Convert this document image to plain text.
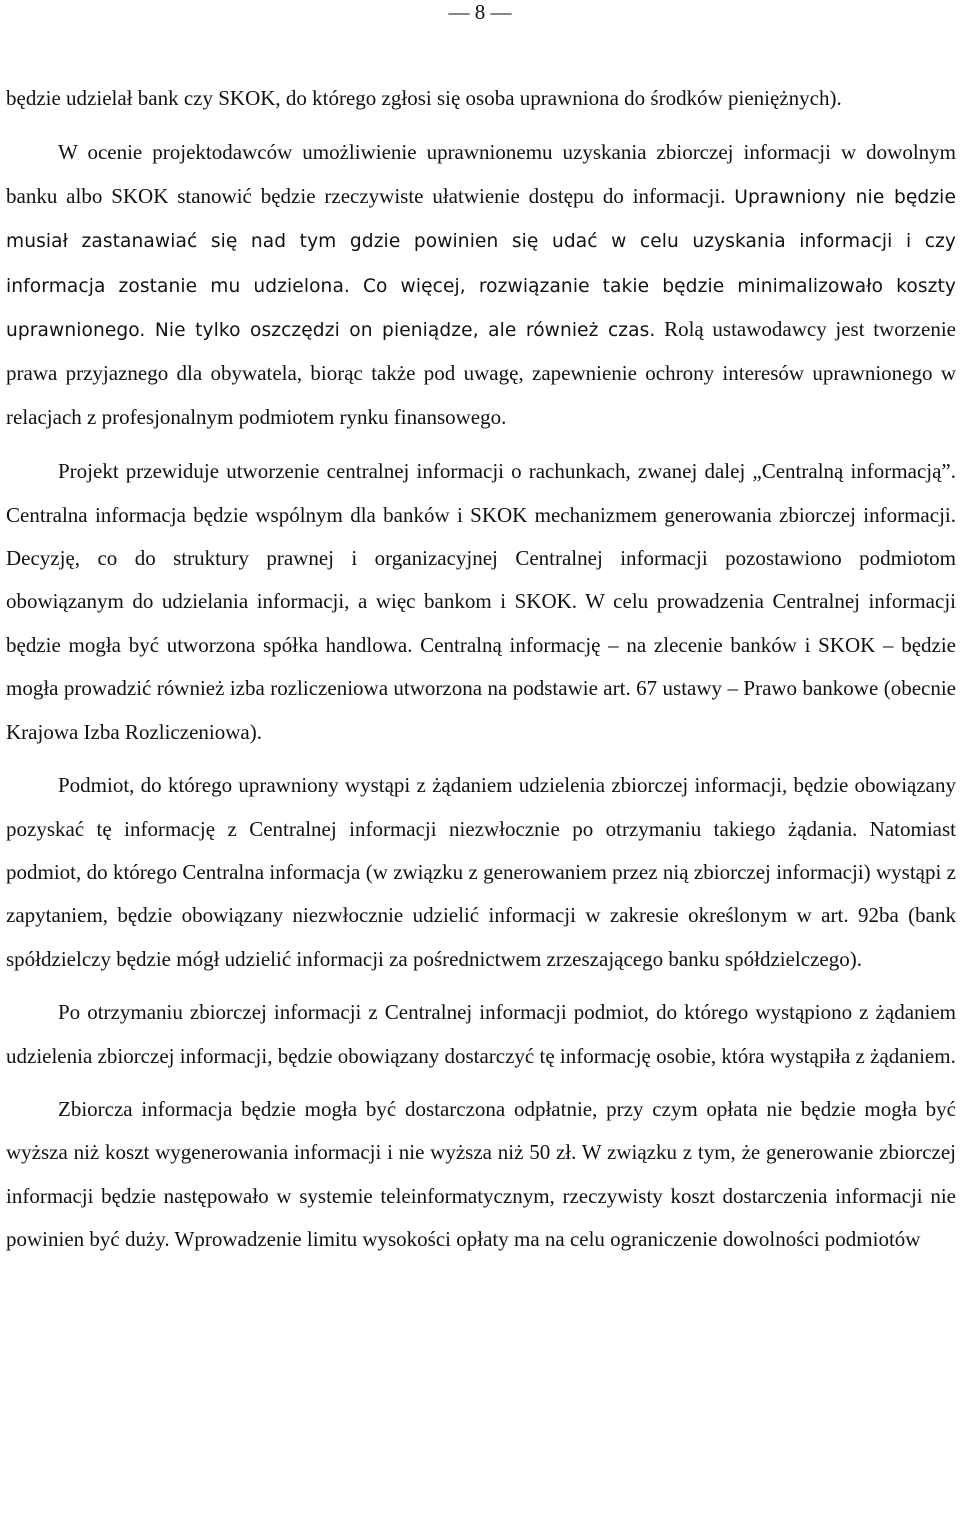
— 8 —

będzie udzielał bank czy SKOK, do którego zgłosi się osoba uprawniona do środków pieniężnych).

W ocenie projektodawców umożliwienie uprawnionemu uzyskania zbiorczej informacji w dowolnym banku albo SKOK stanowić będzie rzeczywiste ułatwienie dostępu do informacji. Uprawniony nie będzie musiał zastanawiać się nad tym gdzie powinien się udać w celu uzyskania informacji i czy informacja zostanie mu udzielona. Co więcej, rozwiązanie takie będzie minimalizowało koszty uprawnionego. Nie tylko oszczędzi on pieniądze, ale również czas. Rolą ustawodawcy jest tworzenie prawa przyjaznego dla obywatela, biorąc także pod uwagę, zapewnienie ochrony interesów uprawnionego w relacjach z profesjonalnym podmiotem rynku finansowego.

Projekt przewiduje utworzenie centralnej informacji o rachunkach, zwanej dalej „Centralną informacją”. Centralna informacja będzie wspólnym dla banków i SKOK mechanizmem generowania zbiorczej informacji. Decyzję, co do struktury prawnej i organizacyjnej Centralnej informacji pozostawiono podmiotom obowiązanym do udzielania informacji, a więc bankom i SKOK. W celu prowadzenia Centralnej informacji będzie mogła być utworzona spółka handlowa. Centralną informację – na zlecenie banków i SKOK – będzie mogła prowadzić również izba rozliczeniowa utworzona na podstawie art. 67 ustawy – Prawo bankowe (obecnie Krajowa Izba Rozliczeniowa).

Podmiot, do którego uprawniony wystąpi z żądaniem udzielenia zbiorczej informacji, będzie obowiązany pozyskać tę informację z Centralnej informacji niezwłocznie po otrzymaniu takiego żądania. Natomiast podmiot, do którego Centralna informacja (w związku z generowaniem przez nią zbiorczej informacji) wystąpi z zapytaniem, będzie obowiązany niezwłocznie udzielić informacji w zakresie określonym w art. 92ba (bank spółdzielczy będzie mógł udzielić informacji za pośrednictwem zrzeszającego banku spółdzielczego).

Po otrzymaniu zbiorczej informacji z Centralnej informacji podmiot, do którego wystąpiono z żądaniem udzielenia zbiorczej informacji, będzie obowiązany dostarczyć tę informację osobie, która wystąpiła z żądaniem.

Zbiorcza informacja będzie mogła być dostarczona odpłatnie, przy czym opłata nie będzie mogła być wyższa niż koszt wygenerowania informacji i nie wyższa niż 50 zł. W związku z tym, że generowanie zbiorczej informacji będzie następowało w systemie teleinformatycznym, rzeczywisty koszt dostarczenia informacji nie powinien być duży. Wprowadzenie limitu wysokości opłaty ma na celu ograniczenie dowolności podmiotów
